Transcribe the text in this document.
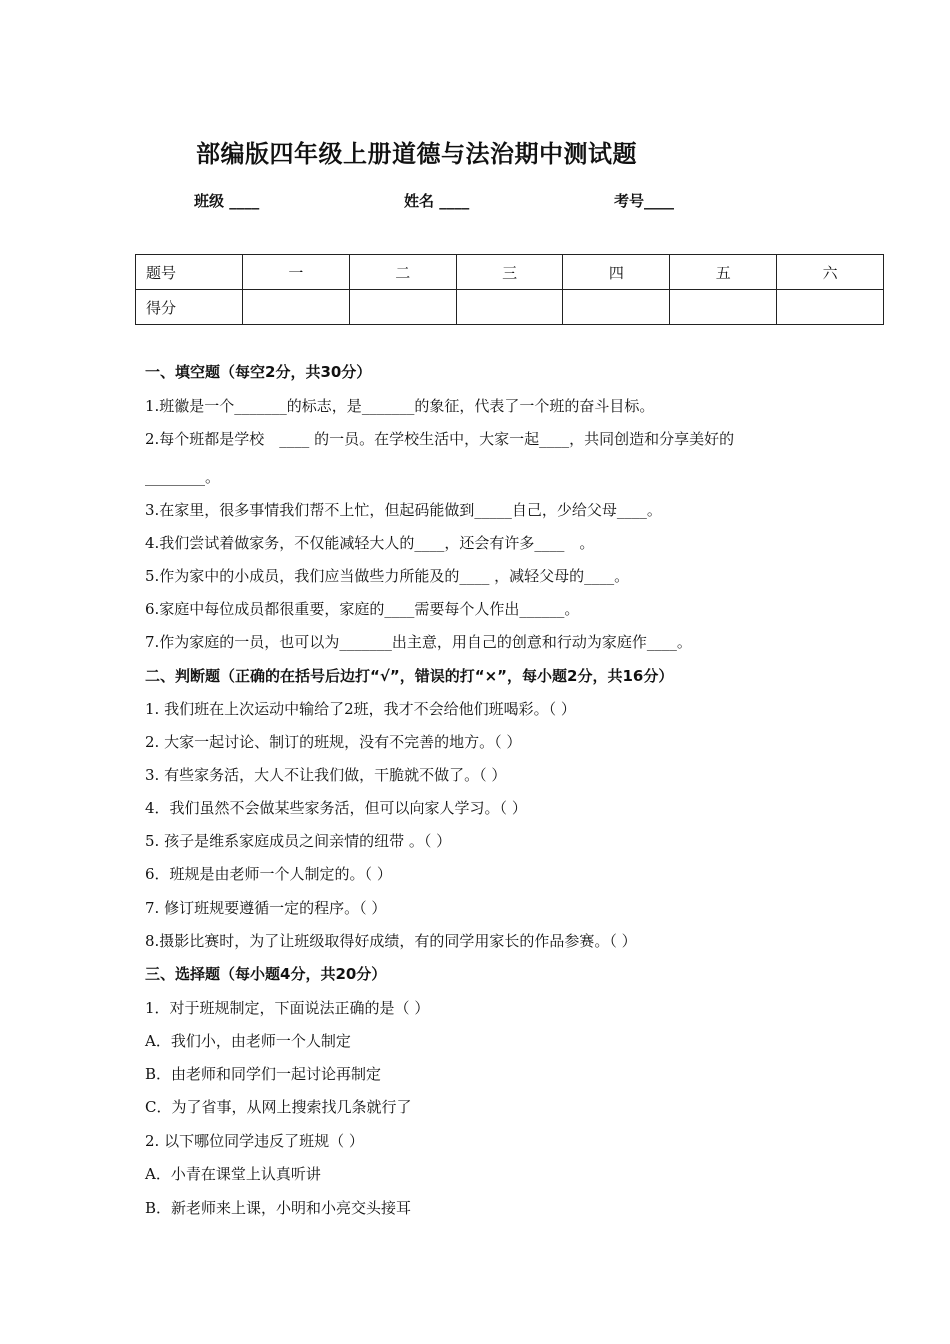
部编版四年级上册道德与法治期中测试题
班级 ____	姓名 ____	考号____
题号	一	二	三	四	五	六
得分						
一、填空题（每空2分，共30分）
1.班徽是一个_______的标志，是_______的象征，代表了一个班的奋斗目标。
2.每个班都是学校　____ 的一员。在学校生活中，大家一起____，共同创造和分享美好的
________。
3.在家里，很多事情我们帮不上忙，但起码能做到_____自己，少给父母____。
4.我们尝试着做家务，不仅能减轻大人的____，还会有许多____　。
5.作为家中的小成员，我们应当做些力所能及的____ ，减轻父母的____。
6.家庭中每位成员都很重要，家庭的____需要每个人作出______。
7.作为家庭的一员，也可以为_______出主意，用自己的创意和行动为家庭作____。
二、判断题（正确的在括号后边打“√”，错误的打“×”，每小题2分，共16分）
1. 我们班在上次运动中输给了2班，我才不会给他们班喝彩。（ ）
2. 大家一起讨论、制订的班规，没有不完善的地方。（ ）
3. 有些家务活，大人不让我们做，干脆就不做了。（ ）
4．我们虽然不会做某些家务活，但可以向家人学习。（ ）
5. 孩子是维系家庭成员之间亲情的纽带 。（ ）
6．班规是由老师一个人制定的。（ ）
7. 修订班规要遵循一定的程序。（ ）
8.摄影比赛时，为了让班级取得好成绩，有的同学用家长的作品参赛。（ ）
三、选择题（每小题4分，共20分）
1．对于班规制定，下面说法正确的是（ ）
A．我们小，由老师一个人制定
B．由老师和同学们一起讨论再制定
C．为了省事，从网上搜索找几条就行了
2. 以下哪位同学违反了班规（ ）
A．小青在课堂上认真听讲
B．新老师来上课，小明和小亮交头接耳
